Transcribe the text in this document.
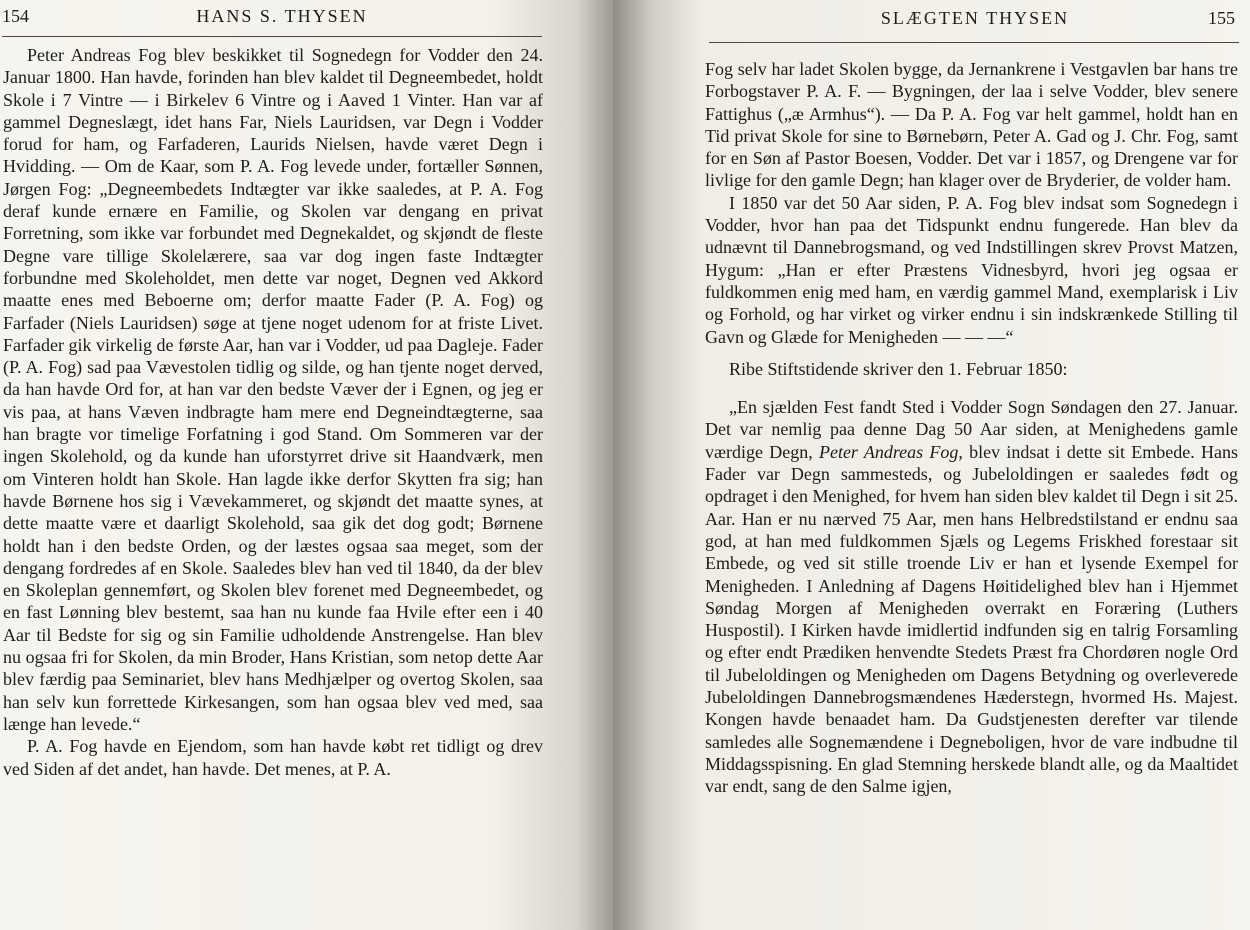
154	HANS S. THYSEN

Peter Andreas Fog blev beskikket til Sognedegn for Vodder den 24. Januar 1800. Han havde, forinden han blev kaldet til Degneembedet, holdt Skole i 7 Vintre — i Birkelev 6 Vintre og i Aaved 1 Vinter. Han var af gammel Degneslægt, idet hans Far, Niels Lauridsen, var Degn i Vodder forud for ham, og Farfaderen, Laurids Nielsen, havde været Degn i Hvidding. — Om de Kaar, som P. A. Fog levede under, fortæller Sønnen, Jørgen Fog: „Degneembedets Indtægter var ikke saaledes, at P. A. Fog deraf kunde ernære en Familie, og Skolen var dengang en privat Forretning, som ikke var forbundet med Degnekaldet, og skjøndt de fleste Degne vare tillige Skolelærere, saa var dog ingen faste Indtægter forbundne med Skoleholdet, men dette var noget, Degnen ved Akkord maatte enes med Beboerne om; derfor maatte Fader (P. A. Fog) og Farfader (Niels Lauridsen) søge at tjene noget udenom for at friste Livet. Farfader gik virkelig de første Aar, han var i Vodder, ud paa Dagleje. Fader (P. A. Fog) sad paa Vævestolen tidlig og silde, og han tjente noget derved, da han havde Ord for, at han var den bedste Væver der i Egnen, og jeg er vis paa, at hans Væven indbragte ham mere end Degneindtægterne, saa han bragte vor timelige Forfatning i god Stand. Om Sommeren var der ingen Skolehold, og da kunde han uforstyrret drive sit Haandværk, men om Vinteren holdt han Skole. Han lagde ikke derfor Skytten fra sig; han havde Børnene hos sig i Vævekammeret, og skjøndt det maatte synes, at dette maatte være et daarligt Skolehold, saa gik det dog godt; Børnene holdt han i den bedste Orden, og der læstes ogsaa saa meget, som der dengang fordredes af en Skole. Saaledes blev han ved til 1840, da der blev en Skoleplan gennemført, og Skolen blev forenet med Degneembedet, og en fast Lønning blev bestemt, saa han nu kunde faa Hvile efter een i 40 Aar til Bedste for sig og sin Familie udholdende Anstrengelse. Han blev nu ogsaa fri for Skolen, da min Broder, Hans Kristian, som netop dette Aar blev færdig paa Seminariet, blev hans Medhjælper og overtog Skolen, saa han selv kun forrettede Kirkesangen, som han ogsaa blev ved med, saa længe han levede.“

P. A. Fog havde en Ejendom, som han havde købt ret tidligt og drev ved Siden af det andet, han havde. Det menes, at P. A.

SLÆGTEN THYSEN	155

Fog selv har ladet Skolen bygge, da Jernankrene i Vestgavlen bar hans tre Forbogstaver P. A. F. — Bygningen, der laa i selve Vodder, blev senere Fattighus („æ Armhus“). — Da P. A. Fog var helt gammel, holdt han en Tid privat Skole for sine to Børnebørn, Peter A. Gad og J. Chr. Fog, samt for en Søn af Pastor Boesen, Vodder. Det var i 1857, og Drengene var for livlige for den gamle Degn; han klager over de Bryderier, de volder ham.

I 1850 var det 50 Aar siden, P. A. Fog blev indsat som Sognedegn i Vodder, hvor han paa det Tidspunkt endnu fungerede. Han blev da udnævnt til Dannebrogsmand, og ved Indstillingen skrev Provst Matzen, Hygum: „Han er efter Præstens Vidnesbyrd, hvori jeg ogsaa er fuldkommen enig med ham, en værdig gammel Mand, exemplarisk i Liv og Forhold, og har virket og virker endnu i sin indskrænkede Stilling til Gavn og Glæde for Menigheden — — —“

Ribe Stiftstidende skriver den 1. Februar 1850:

„En sjælden Fest fandt Sted i Vodder Sogn Søndagen den 27. Januar. Det var nemlig paa denne Dag 50 Aar siden, at Menighedens gamle værdige Degn, Peter Andreas Fog, blev indsat i dette sit Embede. Hans Fader var Degn sammesteds, og Jubeloldingen er saaledes født og opdraget i den Menighed, for hvem han siden blev kaldet til Degn i sit 25. Aar. Han er nu nærved 75 Aar, men hans Helbredstilstand er endnu saa god, at han med fuldkommen Sjæls og Legems Friskhed forestaar sit Embede, og ved sit stille troende Liv er han et lysende Exempel for Menigheden. I Anledning af Dagens Høitidelighed blev han i Hjemmet Søndag Morgen af Menigheden overrakt en Foræring (Luthers Huspostil). I Kirken havde imidlertid indfunden sig en talrig Forsamling og efter endt Prædiken henvendte Stedets Præst fra Chordøren nogle Ord til Jubeloldingen og Menigheden om Dagens Betydning og overleverede Jubeloldingen Dannebrogsmændenes Hæderstegn, hvormed Hs. Majest. Kongen havde benaadet ham. Da Gudstjenesten derefter var tilende samledes alle Sognemændene i Degneboligen, hvor de vare indbudne til Middagsspisning. En glad Stemning herskede blandt alle, og da Maaltidet var endt, sang de den Salme igjen,
